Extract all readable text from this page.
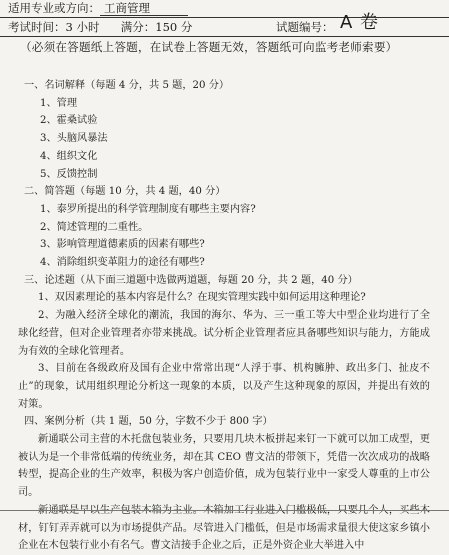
适用专业或方向： 工商管理
考试时间：3 小时 满分：150 分	试题编号： A 卷
（必须在答题纸上答题，在试卷上答题无效，答题纸可向监考老师索要）

一、名词解释（每题 4 分，共 5 题，20 分）

1、管理

2、霍桑试验

3、头脑风暴法

4、组织文化

5、反馈控制

二、简答题（每题 10 分，共 4 题，40 分）

1、泰罗所提出的科学管理制度有哪些主要内容?

2、简述管理的二重性。

3、影响管理道德素质的因素有哪些?

4、消除组织变革阻力的途径有哪些?

三、论述题（从下面三道题中选做两道题，每题 20 分，共 2 题，40 分）

1、双因素理论的基本内容是什么？在现实管理实践中如何运用这种理论?

2、为融入经济全球化的潮流，我国的海尔、华为、三一重工等大中型企业均进行了全球化经营，但对企业管理者亦带来挑战。试分析企业管理者应具备哪些知识与能力，方能成为有效的全球化管理者。

3、目前在各级政府及国有企业中常常出现“人浮于事、机构臃肿、政出多门、扯皮不止”的现象，试用组织理论分析这一现象的本质，以及产生这种现象的原因，并提出有效的对策。

四、案例分析（共 1 题，50 分，字数不少于 800 字）

新通联公司主营的木托盘包装业务，只要用几块木板拼起来钉一下就可以加工成型，更被认为是一个非常低端的传统业务，却在其 CEO 曹文洁的带领下，凭借一次次成功的战略转型，提高企业的生产效率，积极为客户创造价值，成为包装行业中一家受人尊重的上市公司。

新通联是早以生产包装木箱为主业。木箱加工行业进入门槛极低，只要几个人，买些木材，钉钉弄弄就可以为市场提供产品。尽管进入门槛低，但是市场需求量很大使这家乡镇小企业在木包装行业小有名气。曹文洁接手企业之后，正是外资企业大举进入中
